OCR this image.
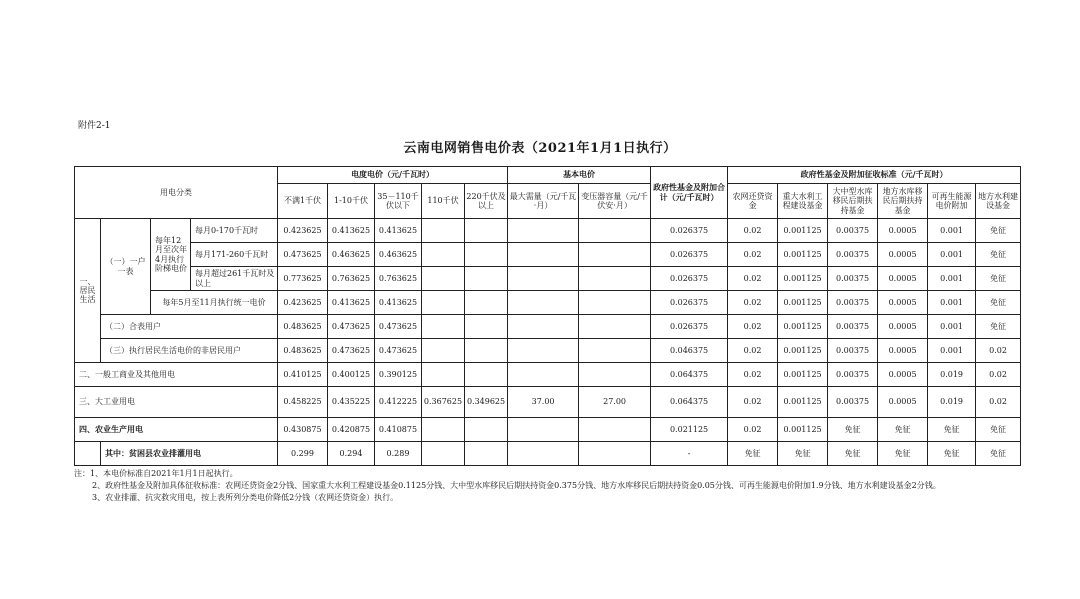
附件2-1
云南电网销售电价表（2021年1月1日执行）
用电分类				电度电价（元/千瓦时）					基本电价		政府性基金及附加合计（元/千瓦时）	政府性基金及附加征收标准（元/千瓦时）					
				不满1千伏	1-10千伏	35－110千伏以下	110千伏	220千伏及以上	最大需量（元/千瓦·月）	变压器容量（元/千伏安·月）		农网还贷资金	重大水利工程建设基金	大中型水库移民后期扶持基金	地方水库移民后期扶持基金	可再生能源电价附加	地方水利建设基金
一、居民生活	（一）一户一表	每年12月至次年4月执行阶梯电价	每月0-170千瓦时	0.423625	0.413625	0.413625					0.026375	0.02	0.001125	0.00375	0.0005	0.001	免征
			每月171-260千瓦时	0.473625	0.463625	0.463625					0.026375	0.02	0.001125	0.00375	0.0005	0.001	免征
			每月超过261千瓦时及以上	0.773625	0.763625	0.763625					0.026375	0.02	0.001125	0.00375	0.0005	0.001	免征
		每年5月至11月执行统一电价		0.423625	0.413625	0.413625					0.026375	0.02	0.001125	0.00375	0.0005	0.001	免征
	（二）合表用户			0.483625	0.473625	0.473625					0.026375	0.02	0.001125	0.00375	0.0005	0.001	免征
	（三）执行居民生活电价的非居民用户			0.483625	0.473625	0.473625					0.046375	0.02	0.001125	0.00375	0.0005	0.001	0.02
二、一般工商业及其他用电				0.410125	0.400125	0.390125					0.064375	0.02	0.001125	0.00375	0.0005	0.019	0.02
三、大工业用电				0.458225	0.435225	0.412225	0.367625	0.349625	37.00	27.00	0.064375	0.02	0.001125	0.00375	0.0005	0.019	0.02
四、农业生产用电				0.430875	0.420875	0.410875					0.021125	0.02	0.001125	免征	免征	免征	免征
	其中：贫困县农业排灌用电			0.299	0.294	0.289					-	免征	免征	免征	免征	免征	免征
注：1、本电价标准自2021年1月1日起执行。
2、政府性基金及附加具体征收标准：农网还贷资金2分钱、国家重大水利工程建设基金0.1125分钱、大中型水库移民后期扶持资金0.375分钱、地方水库移民后期扶持资金0.05分钱、可再生能源电价附加1.9分钱、地方水利建设基金2分钱。
3、农业排灌、抗灾救灾用电，按上表所列分类电价降低2分钱（农网还贷资金）执行。
